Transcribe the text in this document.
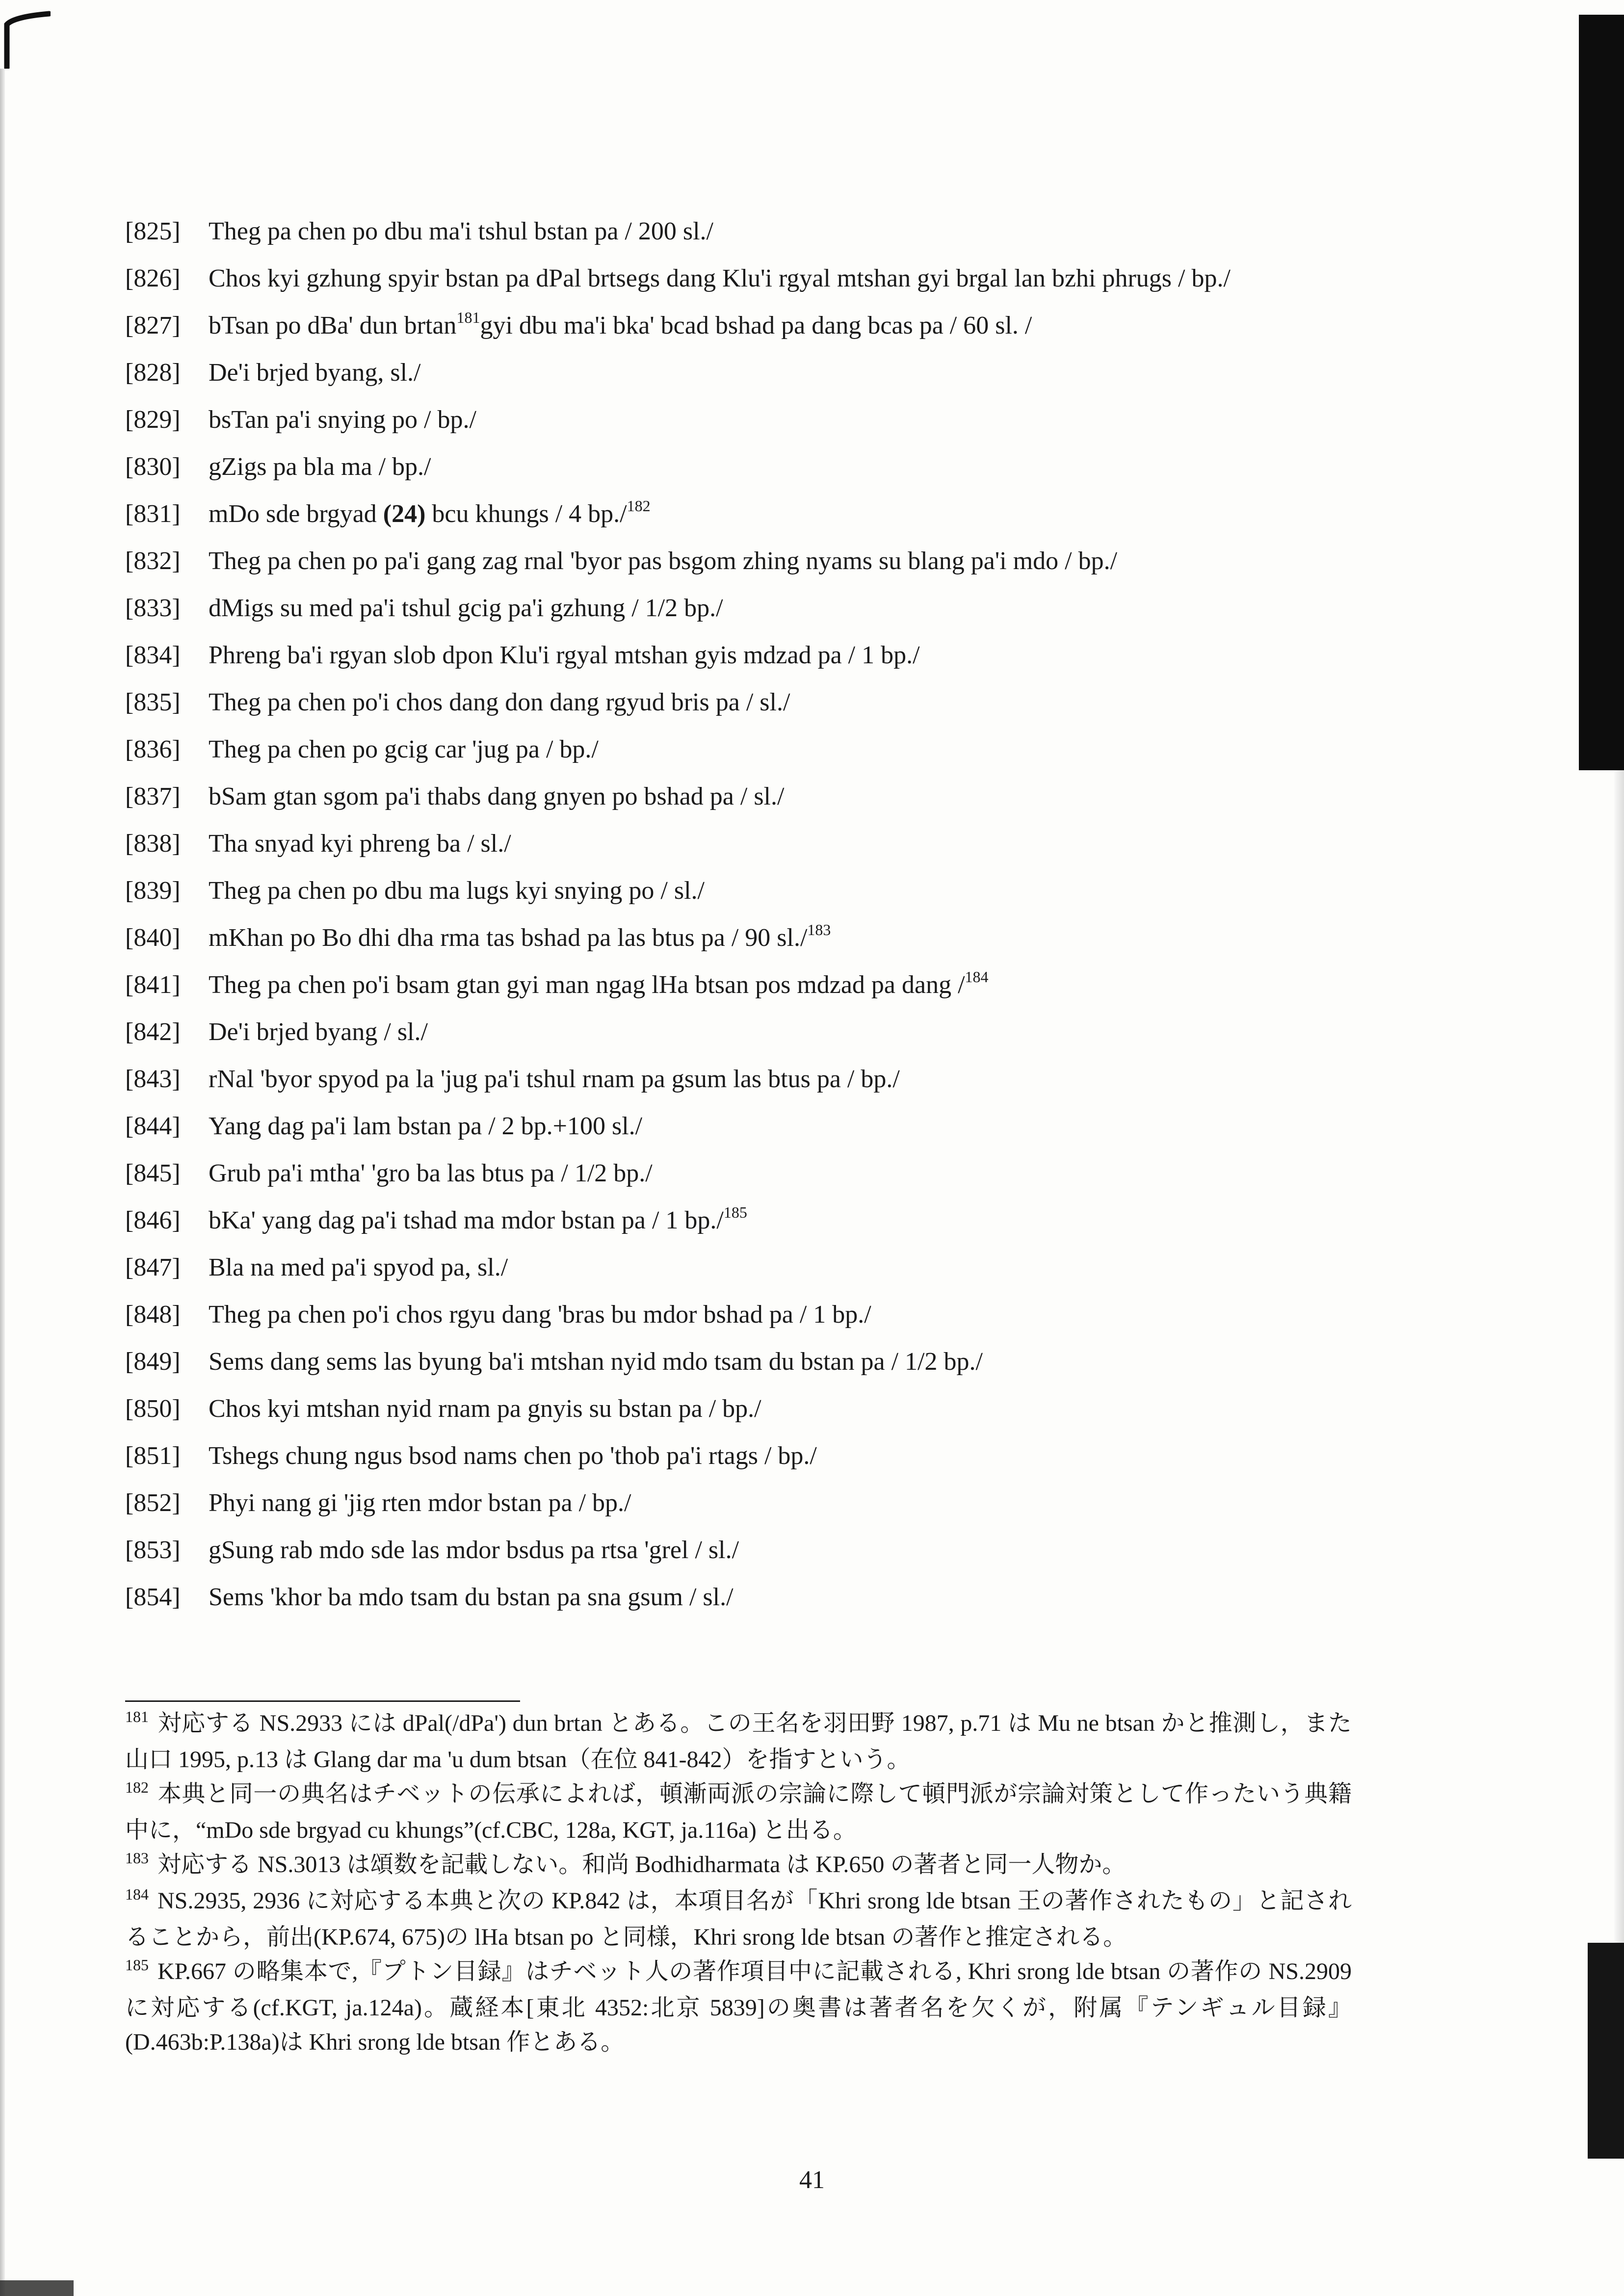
[825] Theg pa chen po dbu ma'i tshul bstan pa / 200 sl./
[826] Chos kyi gzhung spyir bstan pa dPal brtsegs dang Klu'i rgyal mtshan gyi brgal lan bzhi phrugs / bp./
[827] bTsan po dBa' dun brtan$^{181}$gyi dbu ma'i bka' bcad bshad pa dang bcas pa / 60 sl. /
[828] De'i brjed byang, sl./
[829] bsTan pa'i snying po / bp./
[830] gZigs pa bla ma / bp./
[831] mDo sde brgyad (24) bcu khungs / 4 bp./$^{182}$
[832] Theg pa chen po pa'i gang zag rnal 'byor pas bsgom zhing nyams su blang pa'i mdo / bp./
[833] dMigs su med pa'i tshul gcig pa'i gzhung / 1/2 bp./
[834] Phreng ba'i rgyan slob dpon Klu'i rgyal mtshan gyis mdzad pa / 1 bp./
[835] Theg pa chen po'i chos dang don dang rgyud bris pa / sl./
[836] Theg pa chen po gcig car 'jug pa / bp./
[837] bSam gtan sgom pa'i thabs dang gnyen po bshad pa / sl./
[838] Tha snyad kyi phreng ba / sl./
[839] Theg pa chen po dbu ma lugs kyi snying po / sl./
[840] mKhan po Bo dhi dha rma tas bshad pa las btus pa / 90 sl./$^{183}$
[841] Theg pa chen po'i bsam gtan gyi man ngag lHa btsan pos mdzad pa dang /$^{184}$
[842] De'i brjed byang / sl./
[843] rNal 'byor spyod pa la 'jug pa'i tshul rnam pa gsum las btus pa / bp./
[844] Yang dag pa'i lam bstan pa / 2 bp.+100 sl./
[845] Grub pa'i mtha' 'gro ba las btus pa / 1/2 bp./
[846] bKa' yang dag pa'i tshad ma mdor bstan pa / 1 bp./$^{185}$
[847] Bla na med pa'i spyod pa, sl./
[848] Theg pa chen po'i chos rgyu dang 'bras bu mdor bshad pa / 1 bp./
[849] Sems dang sems las byung ba'i mtshan nyid mdo tsam du bstan pa / 1/2 bp./
[850] Chos kyi mtshan nyid rnam pa gnyis su bstan pa / bp./
[851] Tshegs chung ngus bsod nams chen po 'thob pa'i rtags / bp./
[852] Phyi nang gi 'jig rten mdor bstan pa / bp./
[853] gSung rab mdo sde las mdor bsdus pa rtsa 'grel / sl./
[854] Sems 'khor ba mdo tsam du bstan pa sna gsum / sl./
$^{181}$ 対応する NS.2933 には dPal(/dPa') dun brtan とある。この王名を羽田野 1987, p.71 は Mu ne btsan かと推測し，また山口 1995, p.13 は Glang dar ma 'u dum btsan（在位 841-842）を指すという。
$^{182}$ 本典と同一の典名はチベットの伝承によれば，頓漸両派の宗論に際して頓門派が宗論対策として作ったいう典籍中に，“mDo sde brgyad cu khungs”(cf.CBC, 128a, KGT, ja.116a) と出る。
$^{183}$ 対応する NS.3013 は頌数を記載しない。和尚 Bodhidharmata は KP.650 の著者と同一人物か。
$^{184}$ NS.2935, 2936 に対応する本典と次の KP.842 は，本項目名が「Khri srong lde btsan 王の著作されたもの」と記されることから，前出(KP.674, 675)の lHa btsan po と同様，Khri srong lde btsan の著作と推定される。
$^{185}$ KP.667 の略集本で,『プトン目録』はチベット人の著作項目中に記載される, Khri srong lde btsan の著作の NS.2909 に対応する(cf.KGT, ja.124a)。蔵経本[東北 4352:北京 5839]の奥書は著者名を欠くが，附属『テンギュル目録』(D.463b:P.138a)は Khri srong lde btsan 作とある。
41
